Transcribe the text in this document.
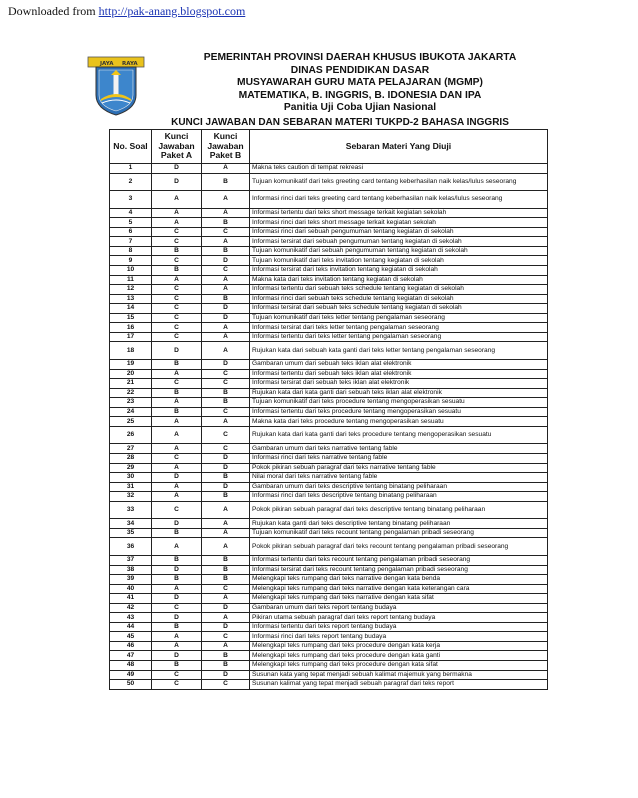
Downloaded from http://pak-anang.blogspot.com
JAYA RAYA
PEMERINTAH PROVINSI DAERAH KHUSUS IBUKOTA JAKARTA
DINAS PENDIDIKAN DASAR
MUSYAWARAH GURU MATA PELAJARAN (MGMP)
MATEMATIKA, B. INGGRIS, B. IDONESIA DAN IPA
Panitia Uji Coba Ujian Nasional
KUNCI JAWABAN DAN SEBARAN MATERI TUKPD-2 BAHASA INGGRIS
No. Soal	Kunci Jawaban Paket A	Kunci Jawaban Paket B	Sebaran Materi Yang Diuji
1	D	A	Makna teks caution di tempat rekreasi
2	D	B	Tujuan komunikatif dari teks greeting card tentang keberhasilan naik kelas/lulus seseorang
3	A	A	Informasi rinci dari teks greeting card tentang keberhasilan naik kelas/lulus seseorang
4	A	A	Informasi tertentu dari teks short message terkait kegiatan sekolah
5	A	B	Informasi rinci dari teks short message terkait kegiatan sekolah
6	C	C	Informasi rinci dari sebuah pengumuman tentang kegiatan di sekolah
7	C	A	Informasi tersirat dari sebuah pengumuman tentang kegiatan di sekolah
8	B	B	Tujuan komunikatif dari sebuah pengumuman tentang kegiatan di sekolah
9	C	D	Tujuan komunikatif dari teks invitation tentang kegiatan di sekolah
10	B	C	Informasi tersirat dari teks invitation tentang kegiatan di sekolah
11	A	A	Makna kata dari teks invitation tentang kegiatan di sekolah
12	C	A	Informasi tertentu dari sebuah teks schedule tentang kegiatan di sekolah
13	C	B	Informasi rinci dari sebuah teks schedule tentang kegiatan di sekolah
14	C	D	Informasi tersirat dari sebuah teks schedule tentang kegiatan di sekolah
15	C	D	Tujuan komunikatif dari teks letter tentang pengalaman seseorang
16	C	A	Informasi tersirat dari teks letter tentang pengalaman seseorang
17	C	A	Informasi tertentu dari teks letter tentang pengalaman seseorang
18	D	A	Rujukan kata dari sebuah kata ganti dari teks letter tentang pengalaman seseorang
19	B	D	Gambaran umum dari sebuah teks iklan alat elektronik
20	A	C	Informasi tertentu dari sebuah teks iklan alat elektronik
21	C	C	Informasi tersirat dari sebuah teks iklan alat elektronik
22	B	B	Rujukan kata dari kata ganti dari sebuah teks iklan alat elektronik
23	A	B	Tujuan komunikatif dari teks procedure tentang mengoperasikan sesuatu
24	B	C	Informasi tertentu dari teks procedure tentang mengoperasikan sesuatu
25	A	A	Makna kata dari teks procedure tentang mengoperasikan sesuatu
26	A	C	Rujukan kata dari kata ganti dari teks procedure tentang mengoperasikan sesuatu
27	A	C	Gambaran umum dari teks narrative tentang fable
28	C	D	Informasi rinci dari teks narrative tentang fable
29	A	D	Pokok pikiran sebuah paragraf dari teks narrative tentang fable
30	D	B	Nilai moral dari teks narrative tentang fable
31	A	D	Gambaran umum dari teks descriptive tentang binatang peliharaan
32	A	B	Informasi rinci dari teks descriptive tentang binatang peliharaan
33	C	A	Pokok pikiran sebuah paragraf dari teks descriptive tentang binatang peliharaan
34	D	A	Rujukan kata ganti dari teks descriptive tentang binatang peliharaan
35	B	A	Tujuan komunikatif dari teks recount tentang pengalaman pribadi seseorang
36	A	A	Pokok pikiran sebuah paragraf dari teks recount tentang pengalaman pribadi seseorang
37	B	B	Informasi tertentu dari teks recount tentang pengalaman pribadi seseorang
38	D	B	Informasi tersirat dari teks recount tentang pengalaman pribadi seseorang
39	B	B	Melengkapi teks rumpang dari teks narrative dengan kata benda
40	A	C	Melengkapi teks rumpang dari teks narrative dengan kata keterangan cara
41	D	A	Melengkapi teks rumpang dari teks narrative dengan kata sifat
42	C	D	Gambaran umum dari teks report tentang budaya
43	D	A	Pikiran utama sebuah paragraf dari teks report tentang budaya
44	B	D	Informasi tertentu dari teks report tentang budaya
45	A	C	Informasi rinci dari teks report tentang budaya
46	A	A	Melengkapi teks rumpang dari teks procedure dengan kata kerja
47	D	B	Melengkapi teks rumpang dari teks procedure dengan kata ganti
48	B	B	Melengkapi teks rumpang dari teks procedure dengan kata sifat
49	C	D	Susunan kata yang tepat menjadi sebuah kalimat majemuk yang bermakna
50	C	C	Susunan kalimat yang tepat menjadi sebuah paragraf dari teks report
